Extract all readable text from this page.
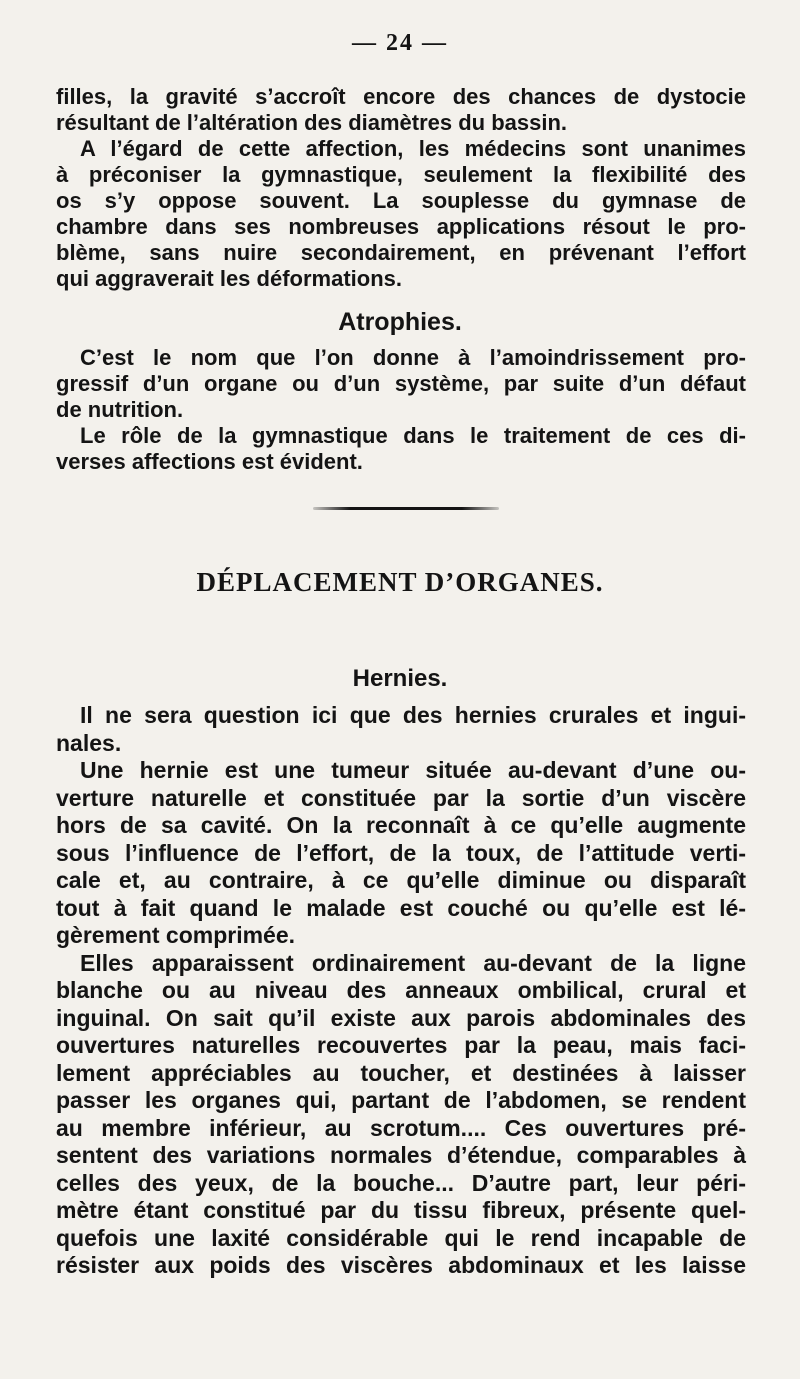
— 24 —
filles, la gravité s’accroît encore des chances de dystocie
résultant de l’altération des diamètres du bassin.
A l’égard de cette affection, les médecins sont unanimes
à préconiser la gymnastique, seulement la flexibilité des
os s’y oppose souvent. La souplesse du gymnase de
chambre dans ses nombreuses applications résout le pro-
blème, sans nuire secondairement, en prévenant l’effort
qui aggraverait les déformations.
Atrophies.
C’est le nom que l’on donne à l’amoindrissement pro-
gressif d’un organe ou d’un système, par suite d’un défaut
de nutrition.
Le rôle de la gymnastique dans le traitement de ces di-
verses affections est évident.
DÉPLACEMENT D’ORGANES.
Hernies.
Il ne sera question ici que des hernies crurales et ingui-
nales.
Une hernie est une tumeur située au-devant d’une ou-
verture naturelle et constituée par la sortie d’un viscère
hors de sa cavité. On la reconnaît à ce qu’elle augmente
sous l’influence de l’effort, de la toux, de l’attitude verti-
cale et, au contraire, à ce qu’elle diminue ou disparaît
tout à fait quand le malade est couché ou qu’elle est lé-
gèrement comprimée.
Elles apparaissent ordinairement au-devant de la ligne
blanche ou au niveau des anneaux ombilical, crural et
inguinal. On sait qu’il existe aux parois abdominales des
ouvertures naturelles recouvertes par la peau, mais faci-
lement appréciables au toucher, et destinées à laisser
passer les organes qui, partant de l’abdomen, se rendent
au membre inférieur, au scrotum.... Ces ouvertures pré-
sentent des variations normales d’étendue, comparables à
celles des yeux, de la bouche... D’autre part, leur péri-
mètre étant constitué par du tissu fibreux, présente quel-
quefois une laxité considérable qui le rend incapable de
résister aux poids des viscères abdominaux et les laisse
